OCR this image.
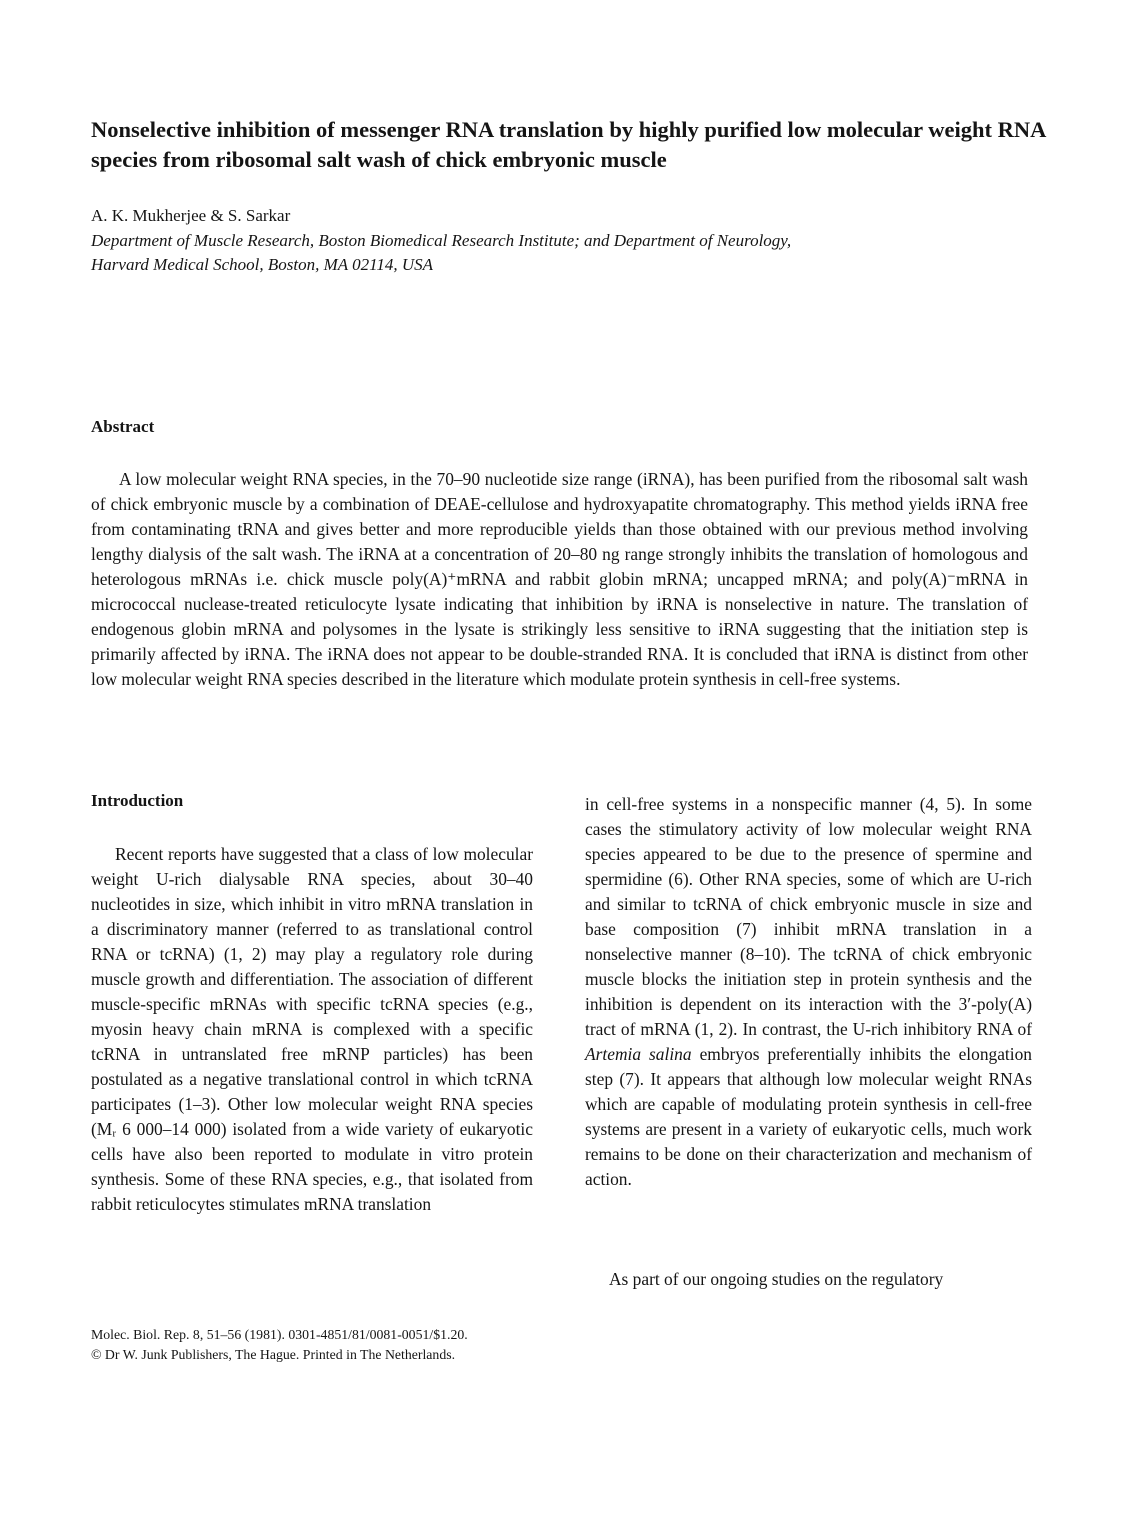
Nonselective inhibition of messenger RNA translation by highly purified low molecular weight RNA species from ribosomal salt wash of chick embryonic muscle

A. K. Mukherjee & S. Sarkar

Department of Muscle Research, Boston Biomedical Research Institute; and Department of Neurology,
Harvard Medical School, Boston, MA 02114, USA

Abstract

A low molecular weight RNA species, in the 70–90 nucleotide size range (iRNA), has been purified from the ribosomal salt wash of chick embryonic muscle by a combination of DEAE-cellulose and hydroxyapatite chromatography. This method yields iRNA free from contaminating tRNA and gives better and more reproducible yields than those obtained with our previous method involving lengthy dialysis of the salt wash. The iRNA at a concentration of 20–80 ng range strongly inhibits the translation of homologous and heterologous mRNAs i.e. chick muscle poly(A)⁺mRNA and rabbit globin mRNA; uncapped mRNA; and poly(A)⁻mRNA in micrococcal nuclease-treated reticulocyte lysate indicating that inhibition by iRNA is nonselective in nature. The translation of endogenous globin mRNA and polysomes in the lysate is strikingly less sensitive to iRNA suggesting that the initiation step is primarily affected by iRNA. The iRNA does not appear to be double-stranded RNA. It is concluded that iRNA is distinct from other low molecular weight RNA species described in the literature which modulate protein synthesis in cell-free systems.

Introduction

Recent reports have suggested that a class of low molecular weight U-rich dialysable RNA species, about 30–40 nucleotides in size, which inhibit in vitro mRNA translation in a discriminatory manner (referred to as translational control RNA or tcRNA) (1, 2) may play a regulatory role during muscle growth and differentiation. The association of different muscle-specific mRNAs with specific tcRNA species (e.g., myosin heavy chain mRNA is complexed with a specific tcRNA in untranslated free mRNP particles) has been postulated as a negative translational control in which tcRNA participates (1–3). Other low molecular weight RNA species (Mᵣ 6 000–14 000) isolated from a wide variety of eukaryotic cells have also been reported to modulate in vitro protein synthesis. Some of these RNA species, e.g., that isolated from rabbit reticulocytes stimulates mRNA translation

in cell-free systems in a nonspecific manner (4, 5). In some cases the stimulatory activity of low molecular weight RNA species appeared to be due to the presence of spermine and spermidine (6). Other RNA species, some of which are U-rich and similar to tcRNA of chick embryonic muscle in size and base composition (7) inhibit mRNA translation in a nonselective manner (8–10). The tcRNA of chick embryonic muscle blocks the initiation step in protein synthesis and the inhibition is dependent on its interaction with the 3′-poly(A) tract of mRNA (1, 2). In contrast, the U-rich inhibitory RNA of Artemia salina embryos preferentially inhibits the elongation step (7). It appears that although low molecular weight RNAs which are capable of modulating protein synthesis in cell-free systems are present in a variety of eukaryotic cells, much work remains to be done on their characterization and mechanism of action.

As part of our ongoing studies on the regulatory

Molec. Biol. Rep. 8, 51–56 (1981). 0301-4851/81/0081-0051/$1.20.
© Dr W. Junk Publishers, The Hague. Printed in The Netherlands.
